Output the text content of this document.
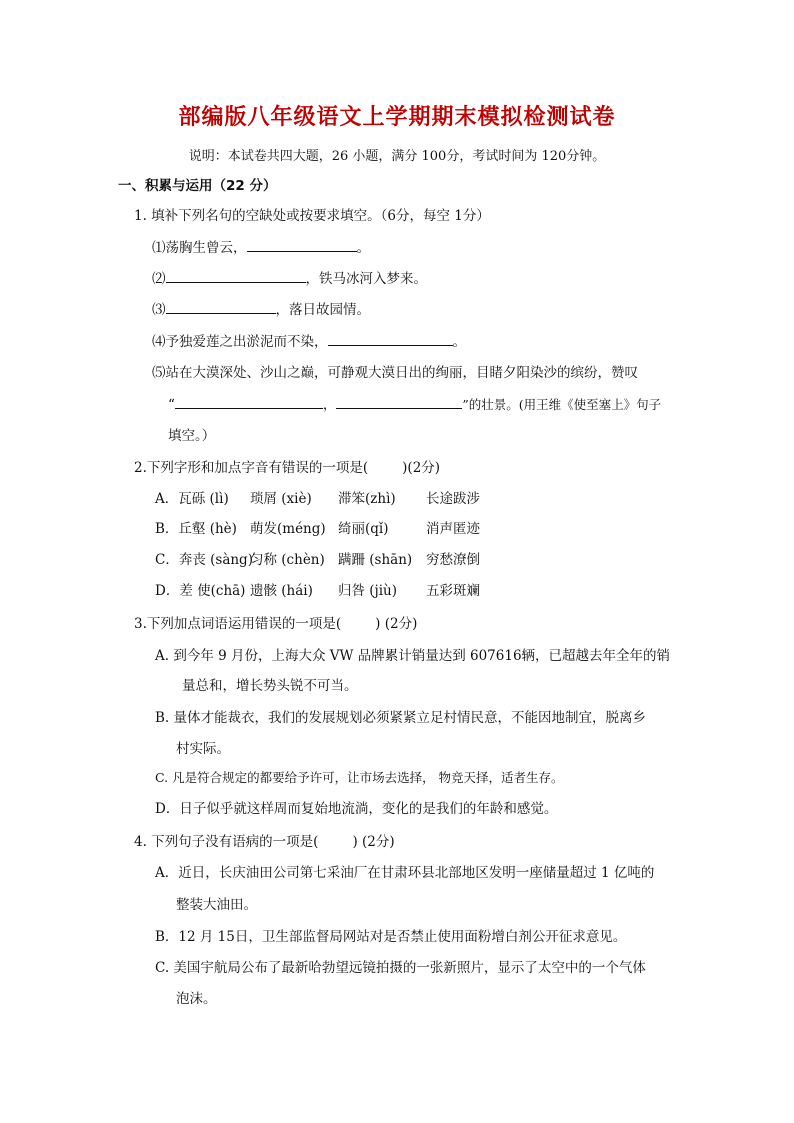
部编版八年级语文上学期期末模拟检测试卷
说明：本试卷共四大题，26 小题，满分 100分，考试时间为 120分钟。
一、积累与运用（22 分）
1. 填补下列名句的空缺处或按要求填空。（6分，每空 1分）
⑴荡胸生曾云，	。
⑵	，铁马冰河入梦来。
⑶	，落日故园情。
⑷予独爱莲之出淤泥而不染，	。
⑸站在大漠深处、沙山之巅，可静观大漠日出的绚丽，目睹夕阳染沙的缤纷，赞叹
“	，	”的壮景。(用王维《使至塞上》句子
填空。）
2.下列字形和加点字音有错误的一项是(	)(2分)
A．瓦砾 (lì) 琐屑 (xiè) 滞笨(zhì) 长途跋涉
B．丘壑 (hè) 萌发(méng) 绮丽(qǐ)	消声匿迹
C．奔丧 (sàng)匀称 (chèn) 蹒跚 (shān) 穷愁潦倒
D．差 使(chā) 遗骸 (hái) 归咎 (jiù) 五彩斑斓
3.下列加点词语运用错误的一项是(	) (2分)
A. 到今年 9 月份，上海大众 VW 品牌累计销量达到 607616辆，已超越去年全年的销
量总和，增长势头锐不可当。
B. 量体才能裁衣，我们的发展规划必须紧紧立足村情民意，不能因地制宜，脱离乡
村实际。
C. 凡是符合规定的都要给予许可，让市场去选择， 物竞天择，适者生存。
D．日子似乎就这样周而复始地流淌，变化的是我们的年龄和感觉。
4. 下列句子没有语病的一项是(	) (2分)
A．近日，长庆油田公司第七采油厂在甘肃环县北部地区发明一座储量超过 1 亿吨的
整装大油田。
B．12 月 15日，卫生部监督局网站对是否禁止使用面粉增白剂公开征求意见。
C. 美国宇航局公布了最新哈勃望远镜拍摄的一张新照片，显示了太空中的一个气体
泡沫。
